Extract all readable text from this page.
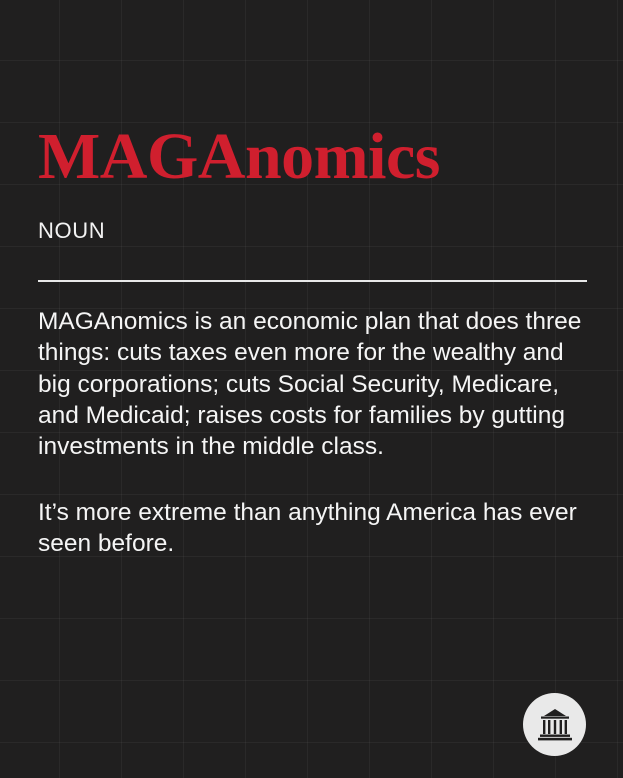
MAGAnomics
NOUN

MAGAnomics is an economic plan that does three things: cuts taxes even more for the wealthy and big corporations; cuts Social Security, Medicare, and Medicaid; raises costs for families by gutting investments in the middle class.

It’s more extreme than anything America has ever seen before.
